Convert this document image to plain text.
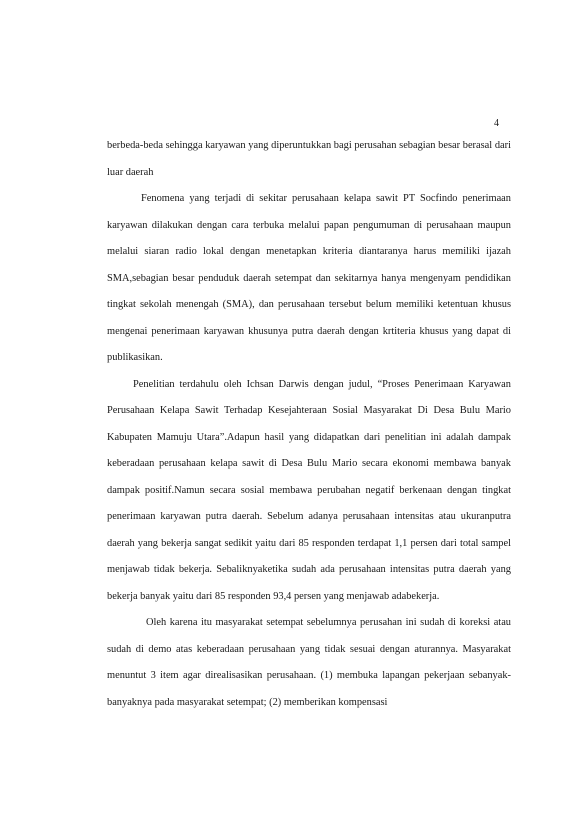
4

berbeda-beda sehingga karyawan yang diperuntukkan bagi perusahan sebagian besar berasal dari luar daerah

Fenomena yang terjadi di sekitar perusahaan kelapa sawit PT Socfindo penerimaan karyawan dilakukan dengan cara terbuka melalui papan pengumuman di perusahaan maupun melalui siaran radio lokal dengan menetapkan kriteria diantaranya harus memiliki ijazah SMA,sebagian besar penduduk daerah setempat dan sekitarnya hanya mengenyam pendidikan tingkat sekolah menengah (SMA), dan perusahaan tersebut belum memiliki ketentuan khusus mengenai penerimaan karyawan khusunya putra daerah dengan krtiteria khusus yang dapat di publikasikan.

Penelitian terdahulu oleh Ichsan Darwis dengan judul, “Proses Penerimaan Karyawan Perusahaan Kelapa Sawit Terhadap Kesejahteraan Sosial Masyarakat Di Desa Bulu Mario Kabupaten Mamuju Utara”.Adapun hasil yang didapatkan dari penelitian ini adalah dampak keberadaan perusahaan kelapa sawit di Desa Bulu Mario secara ekonomi membawa banyak dampak positif.Namun secara sosial membawa perubahan negatif berkenaan dengan tingkat penerimaan karyawan putra daerah. Sebelum adanya perusahaan intensitas atau ukuranputra daerah yang bekerja sangat sedikit yaitu dari 85 responden terdapat 1,1 persen dari total sampel menjawab tidak bekerja. Sebaliknyaketika sudah ada perusahaan intensitas putra daerah yang bekerja banyak yaitu dari 85 responden 93,4 persen yang menjawab adabekerja.

Oleh karena itu masyarakat setempat sebelumnya perusahan ini sudah di koreksi atau sudah di demo atas keberadaan perusahaan yang tidak sesuai dengan aturannya. Masyarakat menuntut 3 item agar direalisasikan perusahaan. (1) membuka lapangan pekerjaan sebanyak-banyaknya pada masyarakat setempat; (2) memberikan kompensasi
